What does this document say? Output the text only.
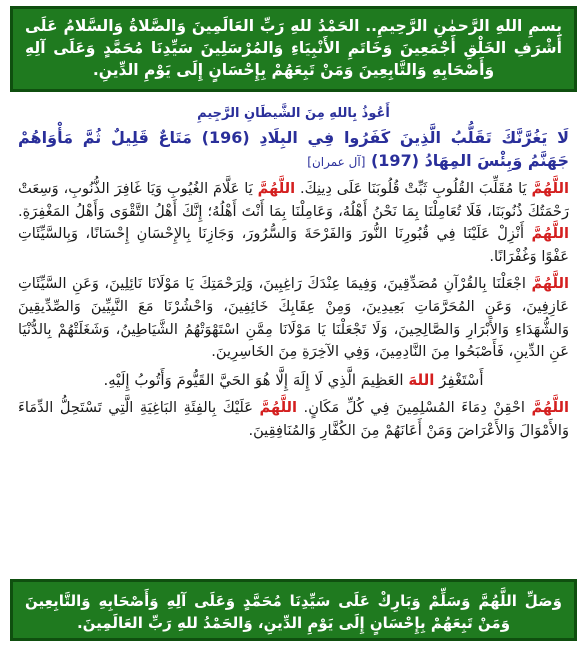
بِسمِ اللهِ الرَّحمٰنِ الرَّحِيمِ.. الحَمْدُ للهِ رَبِّ العَالَمِينَ وَالصَّلاةُ وَالسَّلامُ عَلَى أَشْرَفِ الخَلْقِ أَجْمَعِينَ وَخَاتَمِ الأَنْبِيَاءِ وَالمُرْسَلِينَ سَيِّدِنَا مُحَمَّدٍ وَعَلَى آلِهِ وَأَصْحَابِهِ وَالتَّابِعِينَ وَمَنْ تَبِعَهُمْ بِإِحْسَانٍ إِلَى يَوْمِ الدِّينِ.
أَعُوذُ بِاللهِ مِنَ الشَّيطَانِ الرَّجِيمِ
لَا يَغُرَّنَّكَ تَقَلُّبُ الَّذِينَ كَفَرُوا فِي البِلَادِ (196) مَتَاعٌ قَلِيلٌ ثُمَّ مَأْوَاهُمْ جَهَنَّمُ وَبِئْسَ المِهَادُ (197) [آل عمران]
اللَّهُمَّ يَا مُقَلِّبَ القُلُوبِ ثَبِّتْ قُلُوبَنَا عَلَى دِينِكَ. اللَّهُمَّ يَا عَلَّامَ الغُيُوبِ وَيَا غَافِرَ الذُّنُوبِ، وَسِعَتْ رَحْمَتُكَ ذُنُوبَنَا، فَلَا تُعَامِلْنَا بِمَا نَحْنُ أَهْلُهُ، وَعَامِلْنَا بِمَا أَنْتَ أَهْلُهُ؛ إِنَّكَ أَهْلُ التَّقْوَى وَأَهْلُ المَغْفِرَةِ. اللَّهُمَّ أَنْزِلْ عَلَيْنَا فِي قُبُورِنَا النُّورَ وَالفَرْحَةَ وَالسُّرُورَ، وَجَازِنَا بِالإِحْسَانِ إِحْسَانًا، وَبِالسَّيِّئَاتِ عَفْوًا وَغُفْرَانًا.
اللَّهُمَّ اجْعَلْنَا بِالقُرْآنِ مُصَدِّقِينَ، وَفِيمَا عِنْدَكَ رَاغِبِينَ، وَلِرَحْمَتِكَ يَا مَوْلَانَا نَائِلِينَ، وَعَنِ السَّيِّئَاتِ عَازِفِينَ، وَعَنِ المُحَرَّمَاتِ بَعِيدِينَ، وَمِنْ عِقَابِكَ خَائِفِينَ، وَاحْشُرْنَا مَعَ النَّبِيِّينَ وَالصِّدِّيقِينَ وَالشُّهَدَاءِ وَالأَبْرَارِ وَالصَّالِحِينَ، وَلَا تَجْعَلْنَا يَا مَوْلَانَا مِمَّنِ اسْتَهْوَتْهُمُ الشَّيَاطِينُ، وَشَغَلَتْهُمْ بِالدُّنْيَا عَنِ الدِّينِ، فَأَصْبَحُوا مِنَ النَّادِمِينَ، وَفِي الآخِرَةِ مِنَ الخَاسِرِينَ.
أَسْتَغْفِرُ اللهَ العَظِيمَ الَّذِي لَا إِلَهَ إِلَّا هُوَ الحَيَّ القَيُّومَ وَأَتُوبُ إِلَيْهِ.
اللَّهُمَّ احْقِنْ دِمَاءَ المُسْلِمِينَ فِي كُلِّ مَكَانٍ. اللَّهُمَّ عَلَيْكَ بِالفِئَةِ البَاغِيَةِ الَّتِي تَسْتَحِلُّ الدِّمَاءَ وَالأَمْوَالَ وَالأَعْرَاضَ وَمَنْ أَعَانَهُمْ مِنَ الكُفَّارِ وَالمُنَافِقِينَ.
وَصَلِّ اللَّهُمَّ وَسَلِّمْ وَبَارِكْ عَلَى سَيِّدِنَا مُحَمَّدٍ وَعَلَى آلِهِ وَأَصْحَابِهِ وَالتَّابِعِينَ وَمَنْ تَبِعَهُمْ بِإِحْسَانٍ إِلَى يَوْمِ الدِّينِ، وَالحَمْدُ للهِ رَبِّ العَالَمِينَ.
